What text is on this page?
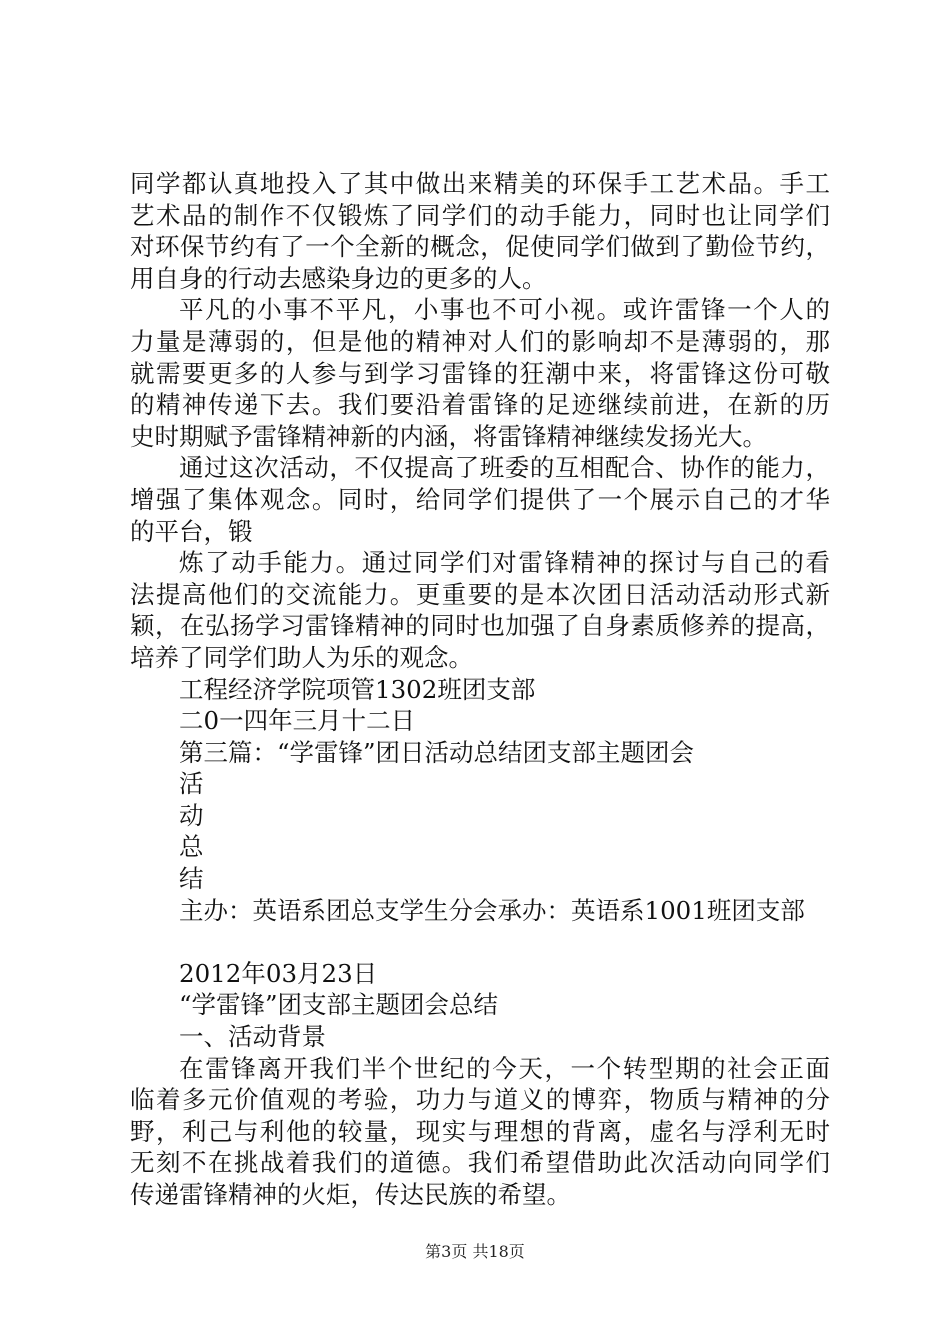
同学都认真地投入了其中做出来精美的环保手工艺术品。手工
艺术品的制作不仅锻炼了同学们的动手能力，同时也让同学们
对环保节约有了一个全新的概念，促使同学们做到了勤俭节约，
用自身的行动去感染身边的更多的人。
平凡的小事不平凡，小事也不可小视。或许雷锋一个人的
力量是薄弱的，但是他的精神对人们的影响却不是薄弱的，那
就需要更多的人参与到学习雷锋的狂潮中来，将雷锋这份可敬
的精神传递下去。我们要沿着雷锋的足迹继续前进，在新的历
史时期赋予雷锋精神新的内涵，将雷锋精神继续发扬光大。
通过这次活动，不仅提高了班委的互相配合、协作的能力，
增强了集体观念。同时，给同学们提供了一个展示自己的才华
的平台，锻
炼了动手能力。通过同学们对雷锋精神的探讨与自己的看
法提高他们的交流能力。更重要的是本次团日活动活动形式新
颖，在弘扬学习雷锋精神的同时也加强了自身素质修养的提高，
培养了同学们助人为乐的观念。
工程经济学院项管1302班团支部
二0一四年三月十二日
第三篇：“学雷锋”团日活动总结团支部主题团会
活
动
总
结
主办：英语系团总支学生分会承办：英语系1001班团支部
2012年03月23日
“学雷锋”团支部主题团会总结
一、活动背景
在雷锋离开我们半个世纪的今天，一个转型期的社会正面
临着多元价值观的考验，功力与道义的博弈，物质与精神的分
野，利己与利他的较量，现实与理想的背离，虚名与浮利无时
无刻不在挑战着我们的道德。我们希望借助此次活动向同学们
传递雷锋精神的火炬，传达民族的希望。
第3页 共18页
